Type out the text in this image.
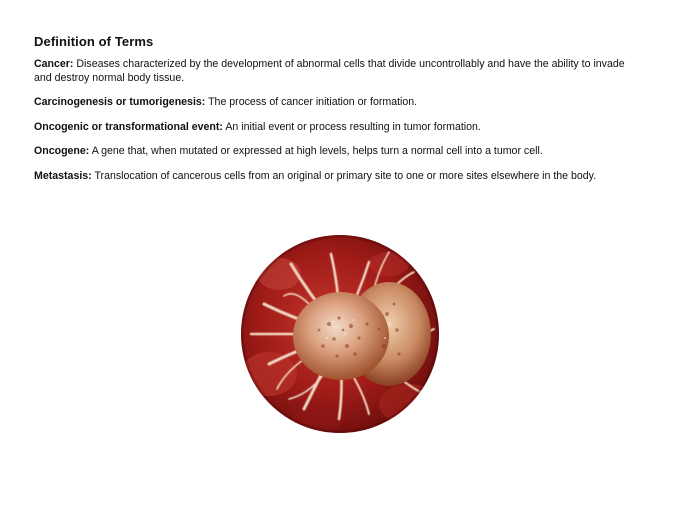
Definition of Terms

Cancer: Diseases characterized by the development of abnormal cells that divide uncontrollably and have the ability to invade and destroy normal body tissue.

Carcinogenesis or tumorigenesis: The process of cancer initiation or formation.

Oncogenic or transformational event: An initial event or process resulting in tumor formation.

Oncogene: A gene that, when mutated or expressed at high levels, helps turn a normal cell into a tumor cell.

Metastasis: Translocation of cancerous cells from an original or primary site to one or more sites elsewhere in the body.
